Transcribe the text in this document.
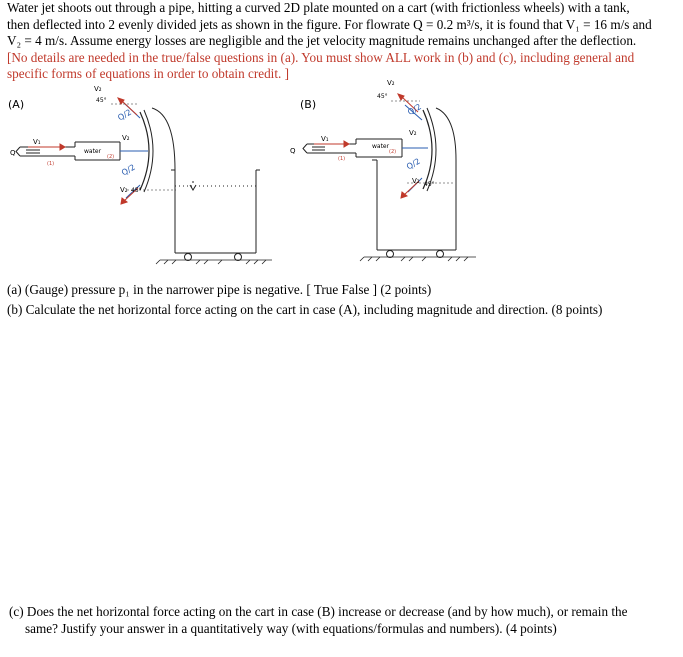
Water jet shoots out through a pipe, hitting a curved 2D plate mounted on a cart (with frictionless wheels) with a tank,
then deflected into 2 evenly divided jets as shown in the figure. For flowrate Q = 0.2 m³/s, it is found that V₁ = 16 m/s and
V₂ = 4 m/s. Assume energy losses are negligible and the jet velocity magnitude remains unchanged after the deflection.
[No details are needed in the true/false questions in (a). You must show ALL work in (b) and (c), including general and
specific forms of equations in order to obtain credit. ]
(A)
Q
V₁
(1)
water
(2)
V₂
45°
Q/2
V₂
Q/2
V₂ 45°
(B)
Q
V₁
(1)
water
(2)
V₂
45°
Q/2
V₂
Q/2
V₂ 45°
(a) (Gauge) pressure p₁ in the narrower pipe is negative. [ True False ] (2 points)
(b) Calculate the net horizontal force acting on the cart in case (A), including magnitude and direction. (8 points)
(c) Does the net horizontal force acting on the cart in case (B) increase or decrease (and by how much), or remain the
same? Justify your answer in a quantitatively way (with equations/formulas and numbers). (4 points)
